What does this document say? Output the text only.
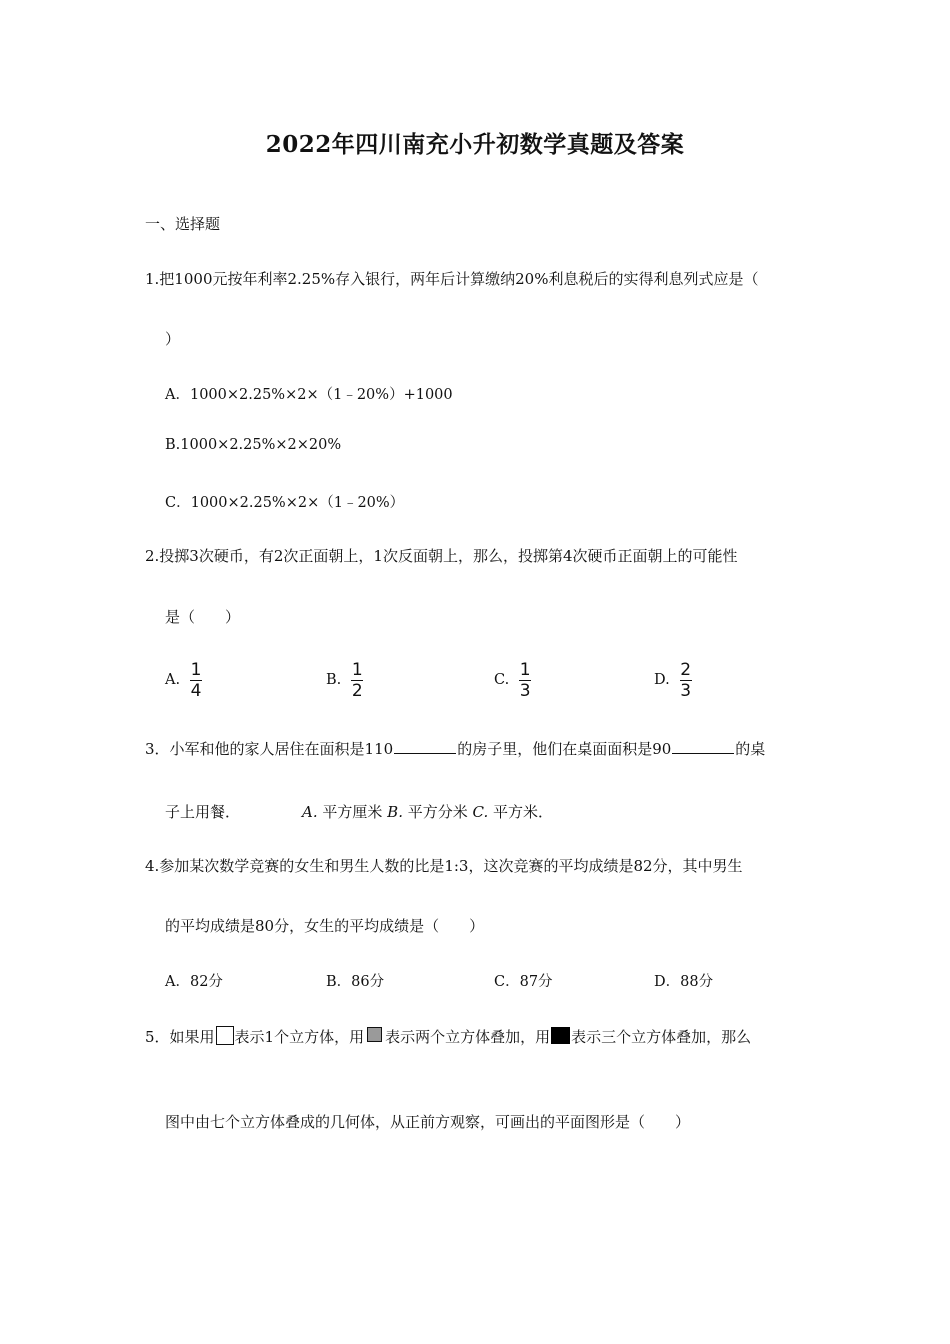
2022年四川南充小升初数学真题及答案
一、选择题
1.把1000元按年利率2.25%存入银行，两年后计算缴纳20%利息税后的实得利息列式应是（
）
A．1000×2.25%×2×（1﹣20%）+1000
B.1000×2.25%×2×20%
C．1000×2.25%×2×（1﹣20%）
2.投掷3次硬币，有2次正面朝上，1次反面朝上，那么，投掷第4次硬币正面朝上的可能性
是（　　）
A. $\frac{1}{4}$	B. $\frac{1}{2}$	C. $\frac{1}{3}$	D. $\frac{2}{3}$
3．小军和他的家人居住在面积是110	的房子里，他们在桌面面积是90	的桌
子上用餐．	A. 平方厘米 B. 平方分米 C. 平方米．
4.参加某次数学竞赛的女生和男生人数的比是1:3，这次竞赛的平均成绩是82分，其中男生
的平均成绩是80分，女生的平均成绩是（　　）
A．82分	B．86分	C．87分	D．88分
5．如果用 表示1个立方体，用 表示两个立方体叠加，用 表示三个立方体叠加，那么
图中由七个立方体叠成的几何体，从正前方观察，可画出的平面图形是（　　）
